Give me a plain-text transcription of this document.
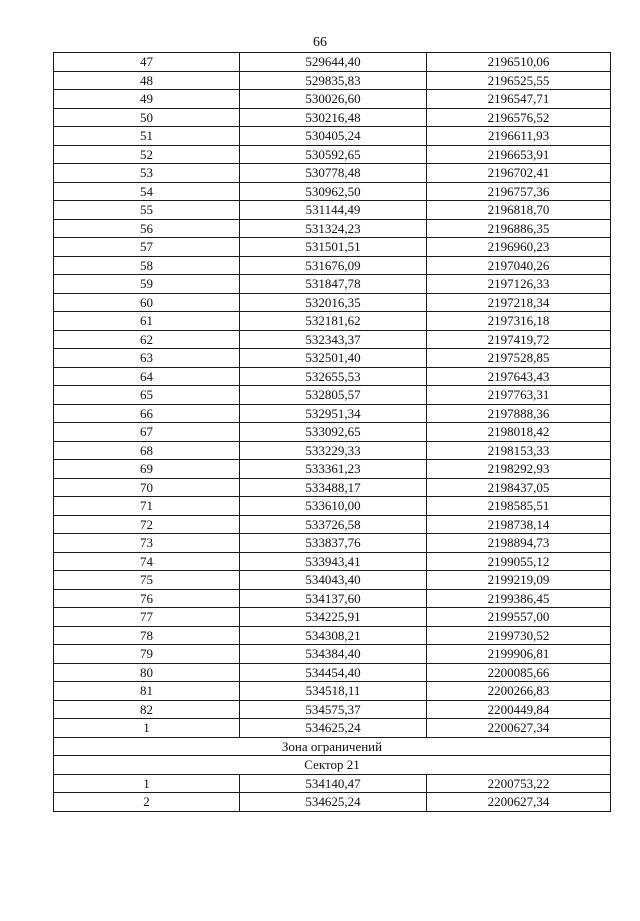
66
47	529644,40	2196510,06
48	529835,83	2196525,55
49	530026,60	2196547,71
50	530216,48	2196576,52
51	530405,24	2196611,93
52	530592,65	2196653,91
53	530778,48	2196702,41
54	530962,50	2196757,36
55	531144,49	2196818,70
56	531324,23	2196886,35
57	531501,51	2196960,23
58	531676,09	2197040,26
59	531847,78	2197126,33
60	532016,35	2197218,34
61	532181,62	2197316,18
62	532343,37	2197419,72
63	532501,40	2197528,85
64	532655,53	2197643,43
65	532805,57	2197763,31
66	532951,34	2197888,36
67	533092,65	2198018,42
68	533229,33	2198153,33
69	533361,23	2198292,93
70	533488,17	2198437,05
71	533610,00	2198585,51
72	533726,58	2198738,14
73	533837,76	2198894,73
74	533943,41	2199055,12
75	534043,40	2199219,09
76	534137,60	2199386,45
77	534225,91	2199557,00
78	534308,21	2199730,52
79	534384,40	2199906,81
80	534454,40	2200085,66
81	534518,11	2200266,83
82	534575,37	2200449,84
1	534625,24	2200627,34
Зона ограничений		
Сектор 21		
1	534140,47	2200753,22
2	534625,24	2200627,34
